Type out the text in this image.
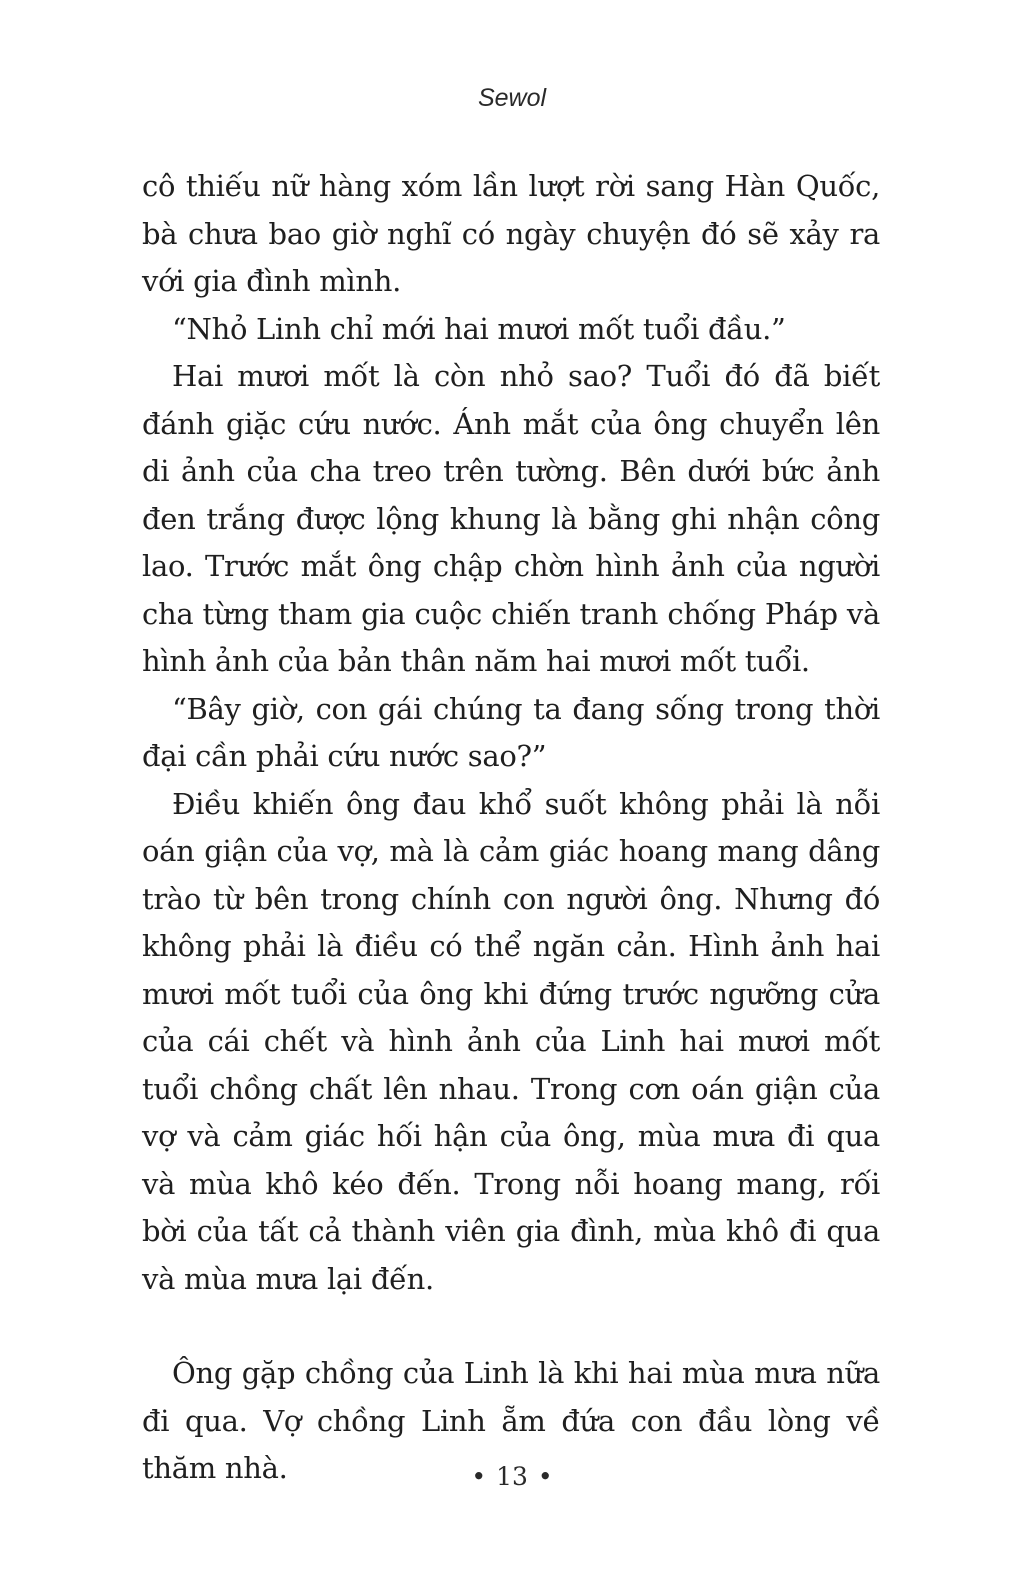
Sewol

cô thiếu nữ hàng xóm lần lượt rời sang Hàn Quốc, bà chưa bao giờ nghĩ có ngày chuyện đó sẽ xảy ra với gia đình mình.

“Nhỏ Linh chỉ mới hai mươi mốt tuổi đầu.”

Hai mươi mốt là còn nhỏ sao? Tuổi đó đã biết đánh giặc cứu nước. Ánh mắt của ông chuyển lên di ảnh của cha treo trên tường. Bên dưới bức ảnh đen trắng được lộng khung là bằng ghi nhận công lao. Trước mắt ông chập chờn hình ảnh của người cha từng tham gia cuộc chiến tranh chống Pháp và hình ảnh của bản thân năm hai mươi mốt tuổi.

“Bây giờ, con gái chúng ta đang sống trong thời đại cần phải cứu nước sao?”

Điều khiến ông đau khổ suốt không phải là nỗi oán giận của vợ, mà là cảm giác hoang mang dâng trào từ bên trong chính con người ông. Nhưng đó không phải là điều có thể ngăn cản. Hình ảnh hai mươi mốt tuổi của ông khi đứng trước ngưỡng cửa của cái chết và hình ảnh của Linh hai mươi mốt tuổi chồng chất lên nhau. Trong cơn oán giận của vợ và cảm giác hối hận của ông, mùa mưa đi qua và mùa khô kéo đến. Trong nỗi hoang mang, rối bời của tất cả thành viên gia đình, mùa khô đi qua và mùa mưa lại đến.

Ông gặp chồng của Linh là khi hai mùa mưa nữa đi qua. Vợ chồng Linh ẵm đứa con đầu lòng về thăm nhà.	• 13 •
